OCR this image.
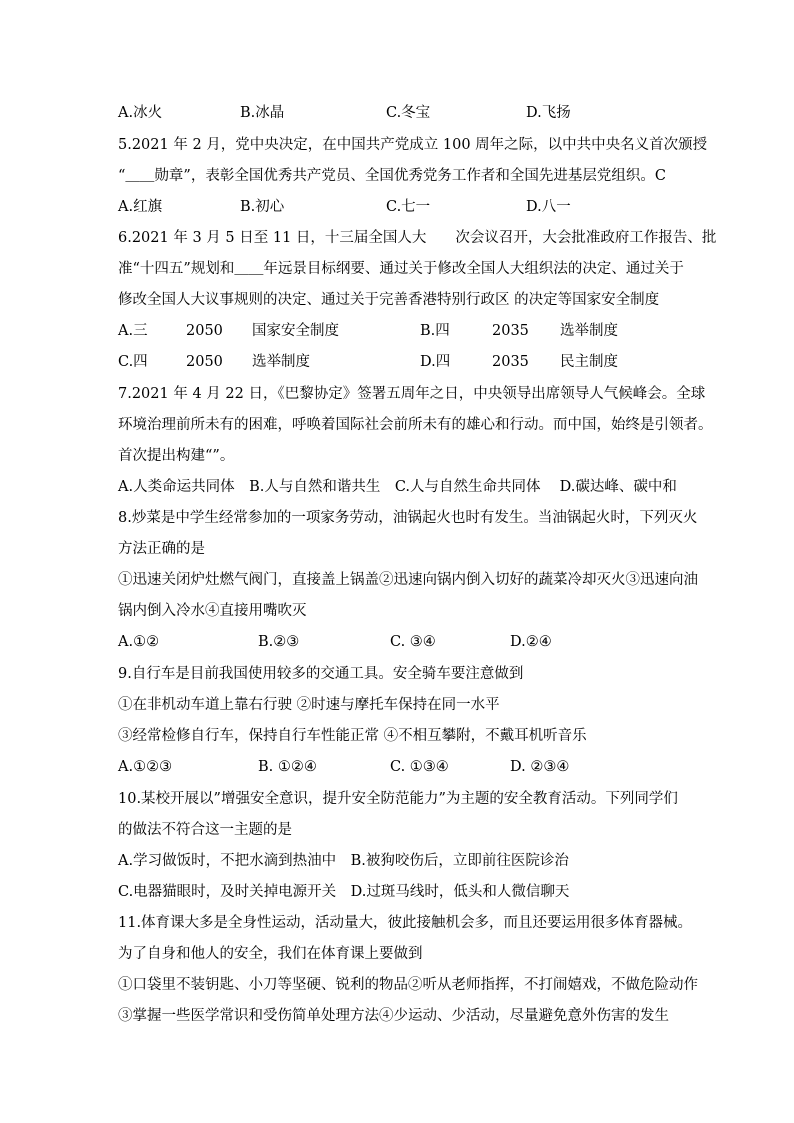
A.冰火	B.冰晶	C.冬宝	D.飞扬
5.2021 年 2 月，党中央决定，在中国共产党成立 100 周年之际，以中共中央名义首次颁授
“＿＿勋章”，表彰全国优秀共产党员、全国优秀党务工作者和全国先进基层党组织。C
A.红旗	B.初心	C.七一	D.八一
6.2021 年 3 月 5 日至 11 日，十三届全国人大　　次会议召开，大会批准政府工作报告、批
准“十四五”规划和＿＿年远景目标纲要、通过关于修改全国人大组织法的决定、通过关于
修改全国人大议事规则的决定、通过关于完善香港特别行政区 的决定等国家安全制度
A.三	2050 国家安全制度	B.四	2035 选举制度
C.四	2050 选举制度	D.四	2035 民主制度
7.2021 年 4 月 22 日，《巴黎协定》签署五周年之日，中央领导出席领导人气候峰会。全球
环境治理前所未有的困难，呼唤着国际社会前所未有的雄心和行动。而中国，始终是引领者。
首次提出构建“”。
A.人类命运共同体　B.人与自然和谐共生　C.人与自然生命共同体　 D.碳达峰、碳中和
8.炒菜是中学生经常参加的一项家务劳动，油锅起火也时有发生。当油锅起火时，下列灭火
方法正确的是
①迅速关闭炉灶燃气阀门，直接盖上锅盖②迅速向锅内倒入切好的蔬菜冷却灭火③迅速向油
锅内倒入冷水④直接用嘴吹灭
A.①②	B.②③	C. ③④	D.②④
9.自行车是目前我国使用较多的交通工具。安全骑车要注意做到
①在非机动车道上靠右行驶 ②时速与摩托车保持在同一水平
③经常检修自行车，保持自行车性能正常 ④不相互攀附，不戴耳机听音乐
A.①②③	B. ①②④	C. ①③④	D. ②③④
10.某校开展以”增强安全意识，提升安全防范能力”为主题的安全教育活动。下列同学们
的做法不符合这一主题的是
A.学习做饭时，不把水滴到热油中　B.被狗咬伤后，立即前往医院诊治
C.电器猫眼时，及时关掉电源开关　D.过斑马线时，低头和人微信聊天
11.体育课大多是全身性运动，活动量大，彼此接触机会多，而且还要运用很多体育器械。
为了自身和他人的安全，我们在体育课上要做到
①口袋里不装钥匙、小刀等坚硬、锐利的物品②听从老师指挥，不打闹嬉戏，不做危险动作
③掌握一些医学常识和受伤简单处理方法④少运动、少活动，尽量避免意外伤害的发生
